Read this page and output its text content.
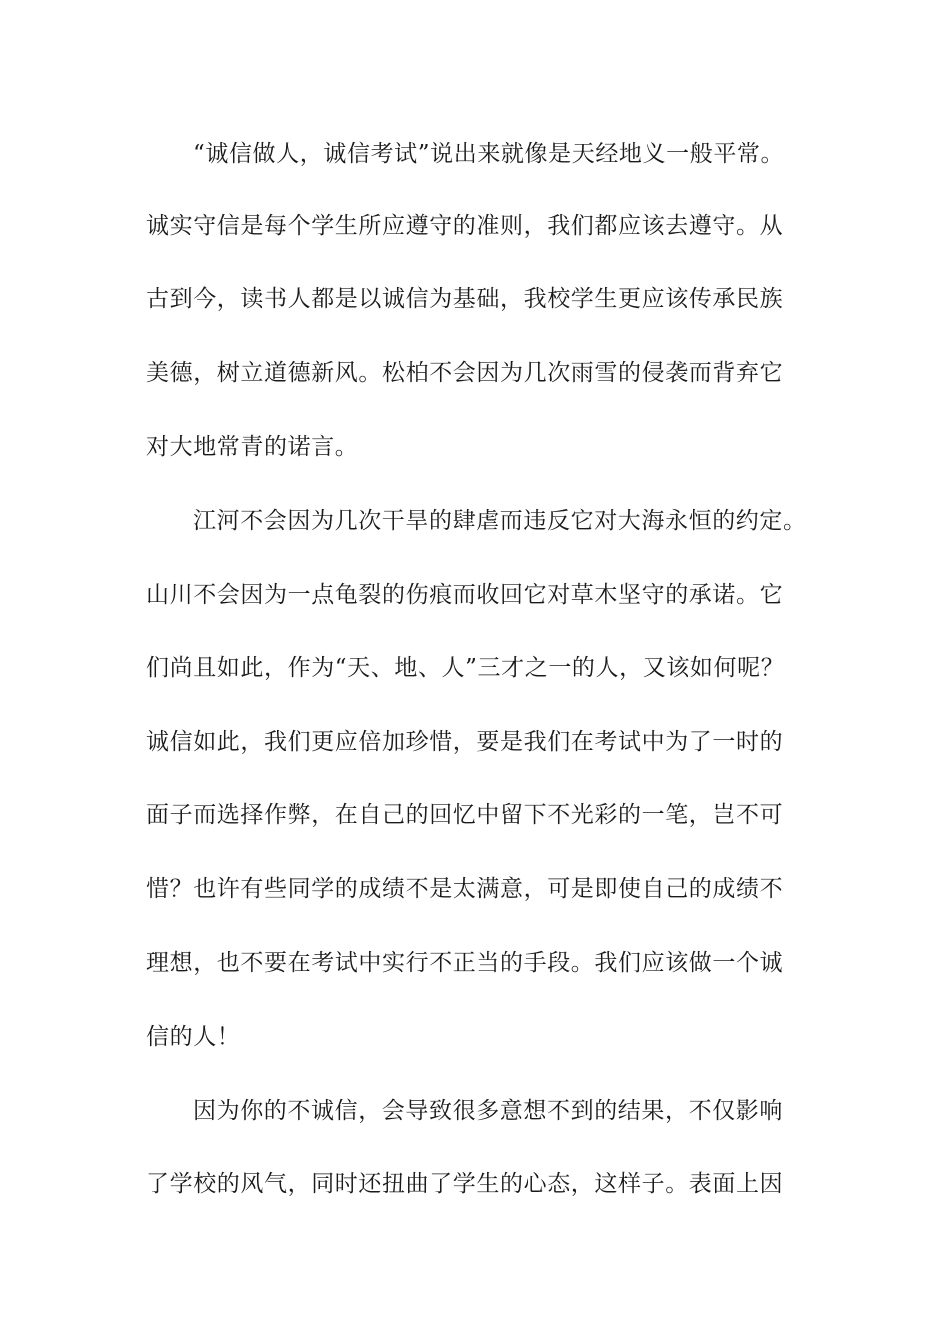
“诚信做人，诚信考试”说出来就像是天经地义一般平常。
诚实守信是每个学生所应遵守的准则，我们都应该去遵守。从
古到今，读书人都是以诚信为基础，我校学生更应该传承民族
美德，树立道德新风。松柏不会因为几次雨雪的侵袭而背弃它
对大地常青的诺言。
江河不会因为几次干旱的肆虐而违反它对大海永恒的约定。
山川不会因为一点龟裂的伤痕而收回它对草木坚守的承诺。它
们尚且如此，作为“天、地、人”三才之一的人，又该如何呢？
诚信如此，我们更应倍加珍惜，要是我们在考试中为了一时的
面子而选择作弊，在自己的回忆中留下不光彩的一笔，岂不可
惜？也许有些同学的成绩不是太满意，可是即使自己的成绩不
理想，也不要在考试中实行不正当的手段。我们应该做一个诚
信的人！
因为你的不诚信，会导致很多意想不到的结果，不仅影响
了学校的风气，同时还扭曲了学生的心态，这样子。表面上因
